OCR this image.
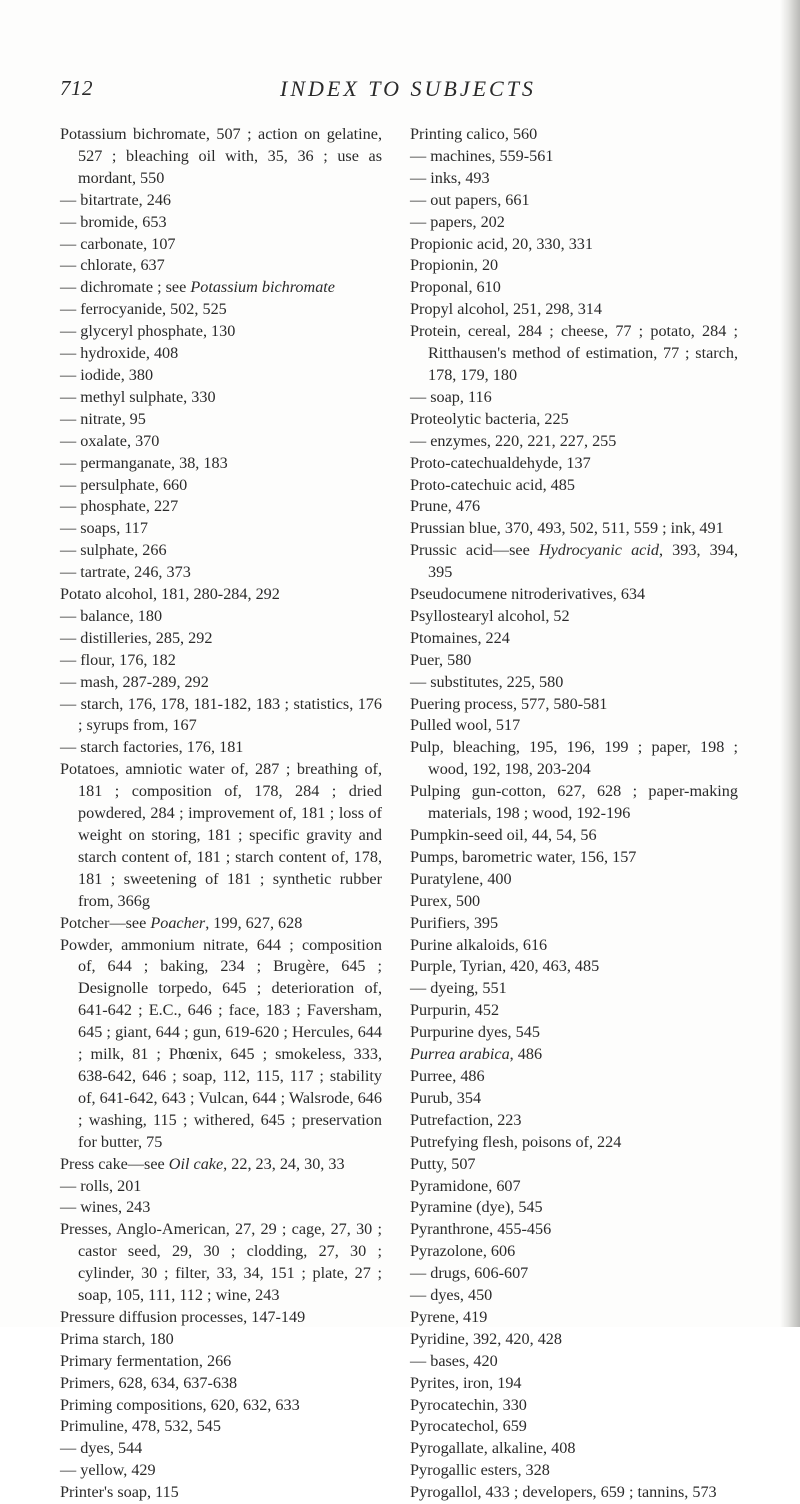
712	INDEX TO SUBJECTS

Potassium bichromate, 507 ; action on gelatine, 527 ; bleaching oil with, 35, 36 ; use as mordant, 550

— bitartrate, 246

— bromide, 653

— carbonate, 107

— chlorate, 637

— dichromate ; see Potassium bichromate

— ferrocyanide, 502, 525

— glyceryl phosphate, 130

— hydroxide, 408

— iodide, 380

— methyl sulphate, 330

— nitrate, 95

— oxalate, 370

— permanganate, 38, 183

— persulphate, 660

— phosphate, 227

— soaps, 117

— sulphate, 266

— tartrate, 246, 373

Potato alcohol, 181, 280-284, 292

— balance, 180

— distilleries, 285, 292

— flour, 176, 182

— mash, 287-289, 292

— starch, 176, 178, 181-182, 183 ; statistics, 176 ; syrups from, 167

— starch factories, 176, 181

Potatoes, amniotic water of, 287 ; breathing of, 181 ; composition of, 178, 284 ; dried powdered, 284 ; improvement of, 181 ; loss of weight on storing, 181 ; specific gravity and starch content of, 181 ; starch content of, 178, 181 ; sweetening of 181 ; synthetic rubber from, 366g

Potcher—see Poacher, 199, 627, 628

Powder, ammonium nitrate, 644 ; composition of, 644 ; baking, 234 ; Brugère, 645 ; Designolle torpedo, 645 ; deterioration of, 641-642 ; E.C., 646 ; face, 183 ; Faversham, 645 ; giant, 644 ; gun, 619-620 ; Hercules, 644 ; milk, 81 ; Phœnix, 645 ; smokeless, 333, 638-642, 646 ; soap, 112, 115, 117 ; stability of, 641-642, 643 ; Vulcan, 644 ; Walsrode, 646 ; washing, 115 ; withered, 645 ; preservation for butter, 75

Press cake—see Oil cake, 22, 23, 24, 30, 33

— rolls, 201

— wines, 243

Presses, Anglo-American, 27, 29 ; cage, 27, 30 ; castor seed, 29, 30 ; clodding, 27, 30 ; cylinder, 30 ; filter, 33, 34, 151 ; plate, 27 ; soap, 105, 111, 112 ; wine, 243

Pressure diffusion processes, 147-149

Prima starch, 180

Primary fermentation, 266

Primers, 628, 634, 637-638

Priming compositions, 620, 632, 633

Primuline, 478, 532, 545

— dyes, 544

— yellow, 429

Printer's soap, 115

Printing calico, 560

— machines, 559-561

— inks, 493

— out papers, 661

— papers, 202

Propionic acid, 20, 330, 331

Propionin, 20

Proponal, 610

Propyl alcohol, 251, 298, 314

Protein, cereal, 284 ; cheese, 77 ; potato, 284 ; Ritthausen's method of estimation, 77 ; starch, 178, 179, 180

— soap, 116

Proteolytic bacteria, 225

— enzymes, 220, 221, 227, 255

Proto-catechualdehyde, 137

Proto-catechuic acid, 485

Prune, 476

Prussian blue, 370, 493, 502, 511, 559 ; ink, 491

Prussic acid—see Hydrocyanic acid, 393, 394, 395

Pseudocumene nitroderivatives, 634

Psyllostearyl alcohol, 52

Ptomaines, 224

Puer, 580

— substitutes, 225, 580

Puering process, 577, 580-581

Pulled wool, 517

Pulp, bleaching, 195, 196, 199 ; paper, 198 ; wood, 192, 198, 203-204

Pulping gun-cotton, 627, 628 ; paper-making materials, 198 ; wood, 192-196

Pumpkin-seed oil, 44, 54, 56

Pumps, barometric water, 156, 157

Puratylene, 400

Purex, 500

Purifiers, 395

Purine alkaloids, 616

Purple, Tyrian, 420, 463, 485

— dyeing, 551

Purpurin, 452

Purpurine dyes, 545

Purrea arabica, 486

Purree, 486

Purub, 354

Putrefaction, 223

Putrefying flesh, poisons of, 224

Putty, 507

Pyramidone, 607

Pyramine (dye), 545

Pyranthrone, 455-456

Pyrazolone, 606

— drugs, 606-607

— dyes, 450

Pyrene, 419

Pyridine, 392, 420, 428

— bases, 420

Pyrites, iron, 194

Pyrocatechin, 330

Pyrocatechol, 659

Pyrogallate, alkaline, 408

Pyrogallic esters, 328

Pyrogallol, 433 ; developers, 659 ; tannins, 573
